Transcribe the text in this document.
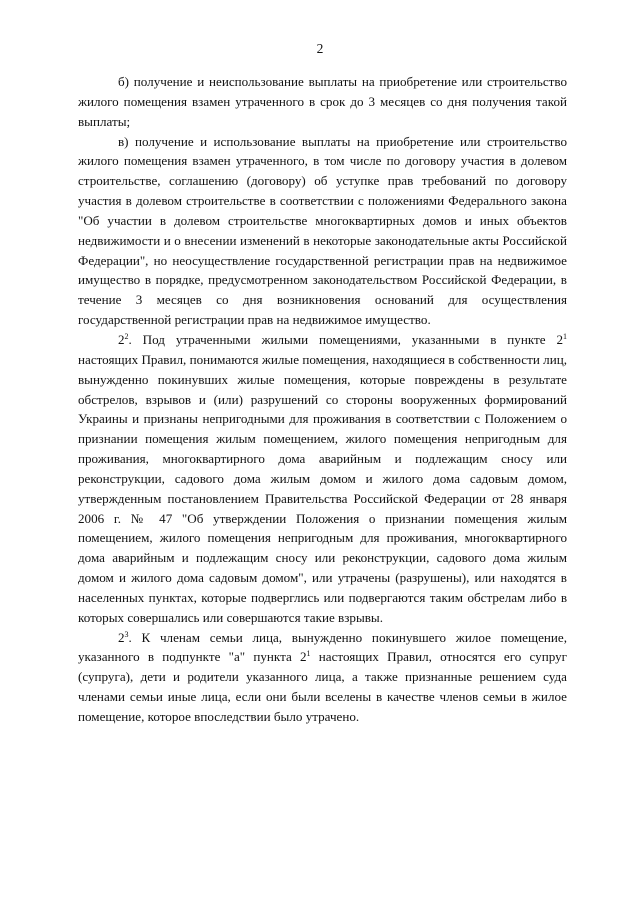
2

б) получение и неиспользование выплаты на приобретение или строительство жилого помещения взамен утраченного в срок до 3 месяцев со дня получения такой выплаты;

в) получение и использование выплаты на приобретение или строительство жилого помещения взамен утраченного, в том числе по договору участия в долевом строительстве, соглашению (договору) об уступке прав требований по договору участия в долевом строительстве в соответствии с положениями Федерального закона "Об участии в долевом строительстве многоквартирных домов и иных объектов недвижимости и о внесении изменений в некоторые законодательные акты Российской Федерации", но неосуществление государственной регистрации прав на недвижимое имущество в порядке, предусмотренном законодательством Российской Федерации, в течение 3 месяцев со дня возникновения оснований для осуществления государственной регистрации прав на недвижимое имущество.

$2^2$. Под утраченными жилыми помещениями, указанными в пункте $2^1$ настоящих Правил, понимаются жилые помещения, находящиеся в собственности лиц, вынужденно покинувших жилые помещения, которые повреждены в результате обстрелов, взрывов и (или) разрушений со стороны вооруженных формирований Украины и признаны непригодными для проживания в соответствии с Положением о признании помещения жилым помещением, жилого помещения непригодным для проживания, многоквартирного дома аварийным и подлежащим сносу или реконструкции, садового дома жилым домом и жилого дома садовым домом, утвержденным постановлением Правительства Российской Федерации от 28 января 2006 г. № 47 "Об утверждении Положения о признании помещения жилым помещением, жилого помещения непригодным для проживания, многоквартирного дома аварийным и подлежащим сносу или реконструкции, садового дома жилым домом и жилого дома садовым домом", или утрачены (разрушены), или находятся в населенных пунктах, которые подверглись или подвергаются таким обстрелам либо в которых совершались или совершаются такие взрывы.

$2^3$. К членам семьи лица, вынужденно покинувшего жилое помещение, указанного в подпункте "а" пункта $2^1$ настоящих Правил, относятся его супруг (супруга), дети и родители указанного лица, а также признанные решением суда членами семьи иные лица, если они были вселены в качестве членов семьи в жилое помещение, которое впоследствии было утрачено.
